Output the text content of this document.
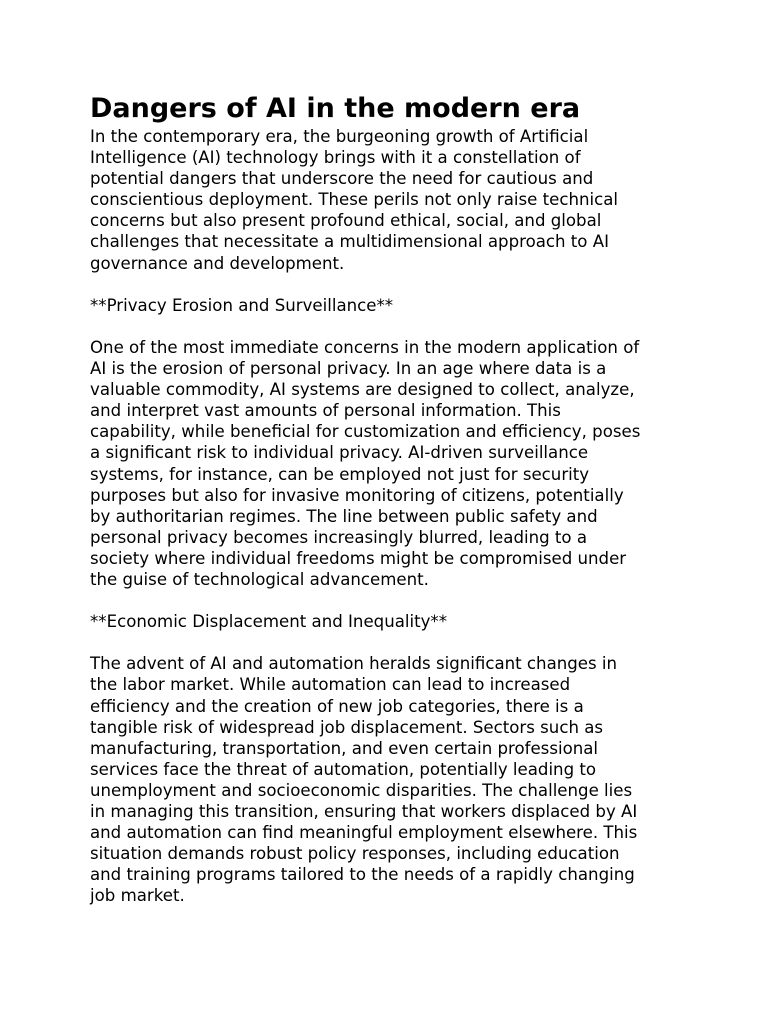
Dangers of AI in the modern era

In the contemporary era, the burgeoning growth of Artificial
Intelligence (AI) technology brings with it a constellation of
potential dangers that underscore the need for cautious and
conscientious deployment. These perils not only raise technical
concerns but also present profound ethical, social, and global
challenges that necessitate a multidimensional approach to AI
governance and development.

**Privacy Erosion and Surveillance**

One of the most immediate concerns in the modern application of
AI is the erosion of personal privacy. In an age where data is a
valuable commodity, AI systems are designed to collect, analyze,
and interpret vast amounts of personal information. This
capability, while beneficial for customization and efficiency, poses
a significant risk to individual privacy. AI-driven surveillance
systems, for instance, can be employed not just for security
purposes but also for invasive monitoring of citizens, potentially
by authoritarian regimes. The line between public safety and
personal privacy becomes increasingly blurred, leading to a
society where individual freedoms might be compromised under
the guise of technological advancement.

**Economic Displacement and Inequality**

The advent of AI and automation heralds significant changes in
the labor market. While automation can lead to increased
efficiency and the creation of new job categories, there is a
tangible risk of widespread job displacement. Sectors such as
manufacturing, transportation, and even certain professional
services face the threat of automation, potentially leading to
unemployment and socioeconomic disparities. The challenge lies
in managing this transition, ensuring that workers displaced by AI
and automation can find meaningful employment elsewhere. This
situation demands robust policy responses, including education
and training programs tailored to the needs of a rapidly changing
job market.
